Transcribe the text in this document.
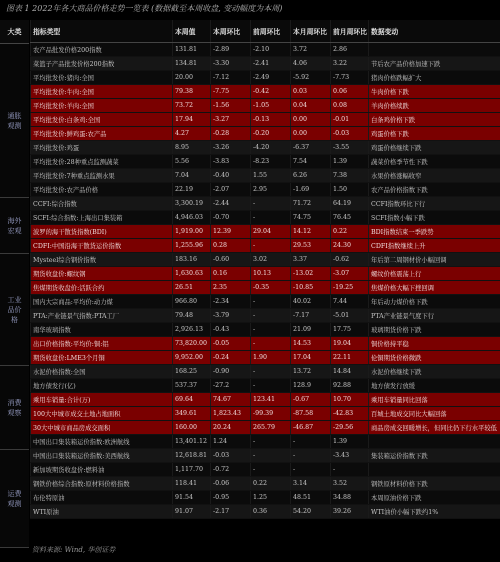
图表 1 2022年各大商品价格走势一览表 (数据截至本周收盘, 变动幅度为本周)
大类
通胀观测
海外宏观
工业品价格
消费观察
运费观测
指标类型	本周值	本周环比	前周环比	本月周环比	前月周环比	数据变动
农产品批发价格200指数	131.81	-2.89	-2.10	3.72	2.86	
菜篮子产品批发价格200指数	134.81	-3.30	-2.41	4.06	3.22	节后农产品价格加速下跌
平均批发价:猪肉:全国	20.00	-7.12	-2.49	-5.92	-7.73	猪肉价格跌幅扩大
平均批发价:牛肉:全国	79.38	-7.75	-0.42	0.03	0.06	牛肉价格下跌
平均批发价:羊肉:全国	73.72	-1.56	-1.05	0.04	0.08	羊肉价格续跌
平均批发价:白条鸡:全国	17.94	-3.27	-0.13	0.00	-0.01	白条鸡价格下跌
平均批发价:鲜鸡蛋:农产品	4.27	-0.28	-0.20	0.00	-0.03	鸡蛋价格下跌
平均批发价:鸡蛋	8.95	-3.26	-4.20	-6.37	-3.55	鸡蛋价格继续下跌
平均批发价:28种重点监测蔬菜	5.56	-3.83	-8.23	7.54	1.39	蔬菜价格季节性下跌
平均批发价:7种重点监测水果	7.04	-0.40	1.55	6.26	7.38	水果价格涨幅收窄
平均批发价:农产品价格	22.19	-2.07	2.95	-1.69	1.50	农产品价格指数下跌
CCFI:综合指数	3,300.19	-2.44	-	71.72	64.19	CCFI指数环比下行
SCFI:综合指数:上海出口集装箱	4,946.03	-0.70	-	74.75	76.45	SCFI指数小幅下跌
波罗的海干散货指数(BDI)	1,919.00	12.39	29.04	14.12	0.22	BDI指数结束一季跌势
CDFI:中国沿海干散货运价指数	1,255.96	0.28	-	29.53	24.30	CDFI指数继续上升
Mysteel综合钢价指数	183.16	-0.60	3.02	3.37	-0.62	年后第二周钢材价小幅回调
期货收盘价:螺纹钢	1,630.63	0.16	10.13	-13.02	-3.07	螺纹价格震荡上行
焦煤期货收盘价:活跃合约	26.51	2.35	-0.35	-10.85	-19.25	焦煤价格大幅下挫回调
国内大宗商品:平均价:动力煤	966.80	-2.34	-	40.02	7.44	年后动力煤价格下跌
PTA:产业链景气指数:PTA工厂	79.48	-3.79	-	-7.17	-5.01	PTA产业链景气度下行
南华玻璃指数	2,926.13	-0.43	-	21.09	17.75	玻璃期货价格下跌
出口价格指数:平均价:铜:铝	73,820.00	-0.05	-	14.53	19.04	铜价格持平稳
期货收盘价:LME3个月铜	9,952.00	-0.24	1.90	17.04	22.11	伦铜期货价格微跌
水泥价格指数:全国	168.25	-0.90	-	13.72	14.84	水泥价格继续下跌
地方债发行(亿)	537.37	-27.2	-	128.9	92.88	地方债发行放缓
乘用车销量:合计(万)	69.64	74.67	123.41	-0.67	10.70	乘用车销量同比回落
100大中城市成交土地占地面积	349.61	1,823.43	-99.39	-87.58	-42.83	百城土地成交同比大幅回落
30大中城市商品房成交面积	160.00	20.24	265.79	-46.87	-29.56	商品房成交回暖增长，但同比仍下行水平较低
中国出口集装箱运价指数:欧洲航线	13,401.12	1.24	-	-	1.39	
中国出口集装箱运价指数:美西航线	12,618.81	-0.03	-	-	-3.43	集装箱运价指数下跌
新加坡期货收盘价:燃料油	1,117.70	-0.72	-	-	-	
钢铁价格综合指数:原材料价格指数	118.41	-0.06	0.22	3.14	3.52	钢铁原材料价格下跌
布伦特原油	91.54	-0.95	1.25	48.51	34.88	本周原油价格下跌
WTI原油	91.07	-2.17	0.36	54.20	39.26	WTI油价小幅下跌约1%
资料来源: Wind, 华创证券
